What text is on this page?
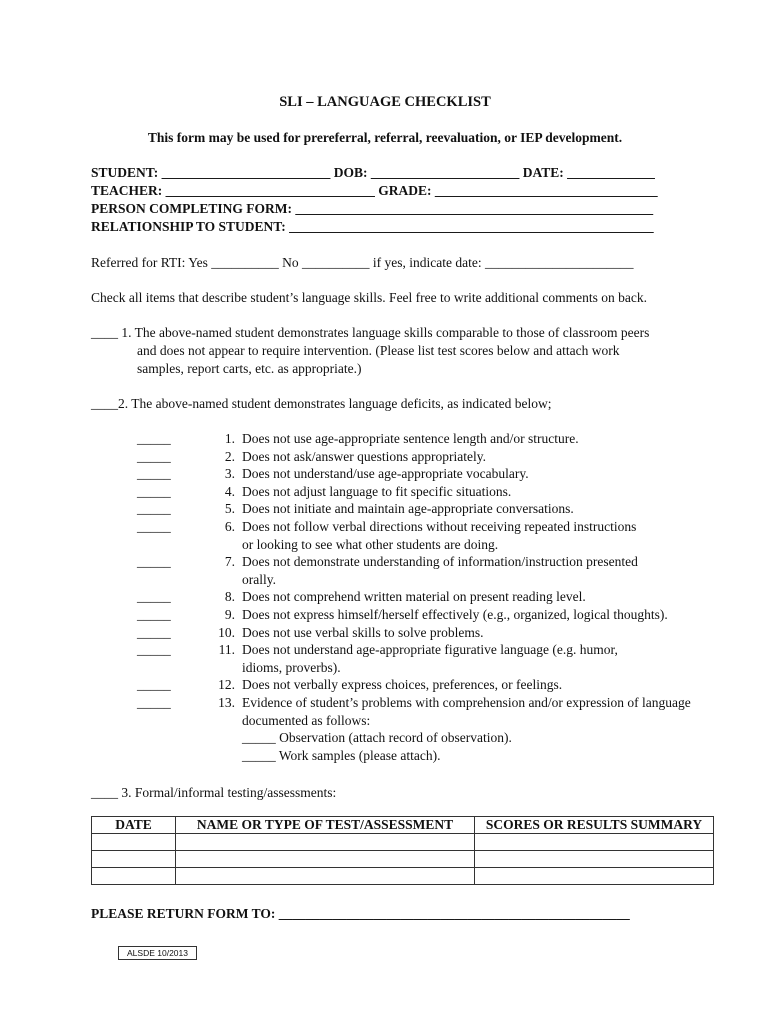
SLI – LANGUAGE CHECKLIST
This form may be used for prereferral, referral, reevaluation, or IEP development.
STUDENT: _________________________ DOB: ______________________ DATE: _____________
TEACHER: _______________________________ GRADE: _________________________________
PERSON COMPLETING FORM: _____________________________________________________
RELATIONSHIP TO STUDENT: ______________________________________________________
Referred for RTI: Yes __________ No __________ if yes, indicate date: ______________________
Check all items that describe student’s language skills. Feel free to write additional comments on back.
____ 1. The above-named student demonstrates language skills comparable to those of classroom peers
and does not appear to require intervention. (Please list test scores below and attach work
samples, report carts, etc. as appropriate.)
____2. The above-named student demonstrates language deficits, as indicated below;
_____	1. Does not use age-appropriate sentence length and/or structure.
_____	2. Does not ask/answer questions appropriately.
_____	3. Does not understand/use age-appropriate vocabulary.
_____	4. Does not adjust language to fit specific situations.
_____	5. Does not initiate and maintain age-appropriate conversations.
_____	6. Does not follow verbal directions without receiving repeated instructions
or looking to see what other students are doing.
_____	7. Does not demonstrate understanding of information/instruction presented
orally.
_____	8. Does not comprehend written material on present reading level.
_____	9. Does not express himself/herself effectively (e.g., organized, logical thoughts).
_____	10. Does not use verbal skills to solve problems.
_____	11. Does not understand age-appropriate figurative language (e.g. humor,
idioms, proverbs).
_____	12. Does not verbally express choices, preferences, or feelings.
_____	13. Evidence of student’s problems with comprehension and/or expression of language
documented as follows:
_____ Observation (attach record of observation).
_____ Work samples (please attach).
____ 3. Formal/informal testing/assessments:
DATE	NAME OR TYPE OF TEST/ASSESSMENT	SCORES OR RESULTS SUMMARY

PLEASE RETURN FORM TO: ____________________________________________________
ALSDE 10/2013
